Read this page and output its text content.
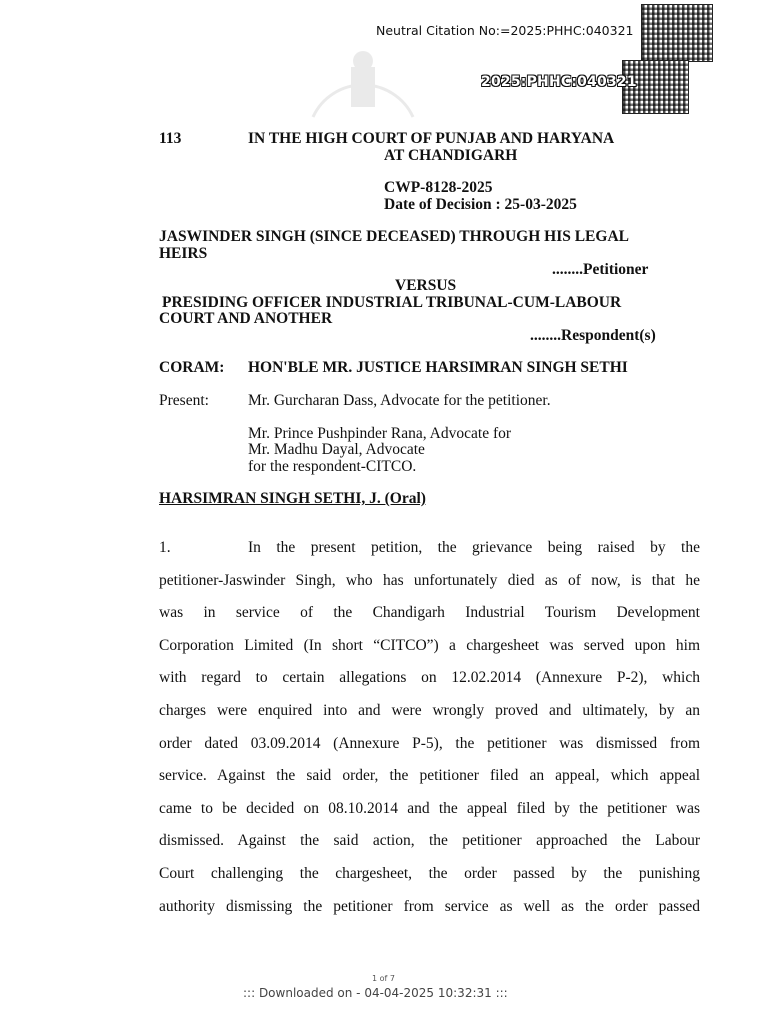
Neutral Citation No:=2025:PHHC:040321
2025:PHHC:040321
113	IN THE HIGH COURT OF PUNJAB AND HARYANA
AT CHANDIGARH
CWP-8128-2025
Date of Decision : 25-03-2025
JASWINDER SINGH (SINCE DECEASED) THROUGH HIS LEGAL
HEIRS
........Petitioner
VERSUS
PRESIDING OFFICER INDUSTRIAL TRIBUNAL-CUM-LABOUR
COURT AND ANOTHER
........Respondent(s)
CORAM: HON'BLE MR. JUSTICE HARSIMRAN SINGH SETHI
Present:	Mr. Gurcharan Dass, Advocate for the petitioner.
Mr. Prince Pushpinder Rana, Advocate for
Mr. Madhu Dayal, Advocate
for the respondent-CITCO.
HARSIMRAN SINGH SETHI, J. (Oral)
1.	In the present petition, the grievance being raised by the
petitioner-Jaswinder Singh, who has unfortunately died as of now, is that he
was in service of the Chandigarh Industrial Tourism Development
Corporation Limited (In short “CITCO”) a chargesheet was served upon him
with regard to certain allegations on 12.02.2014 (Annexure P-2), which
charges were enquired into and were wrongly proved and ultimately, by an
order dated 03.09.2014 (Annexure P-5), the petitioner was dismissed from
service. Against the said order, the petitioner filed an appeal, which appeal
came to be decided on 08.10.2014 and the appeal filed by the petitioner was
dismissed. Against the said action, the petitioner approached the Labour
Court challenging the chargesheet, the order passed by the punishing
authority dismissing the petitioner from service as well as the order passed
1 of 7
::: Downloaded on - 04-04-2025 10:32:31 :::
